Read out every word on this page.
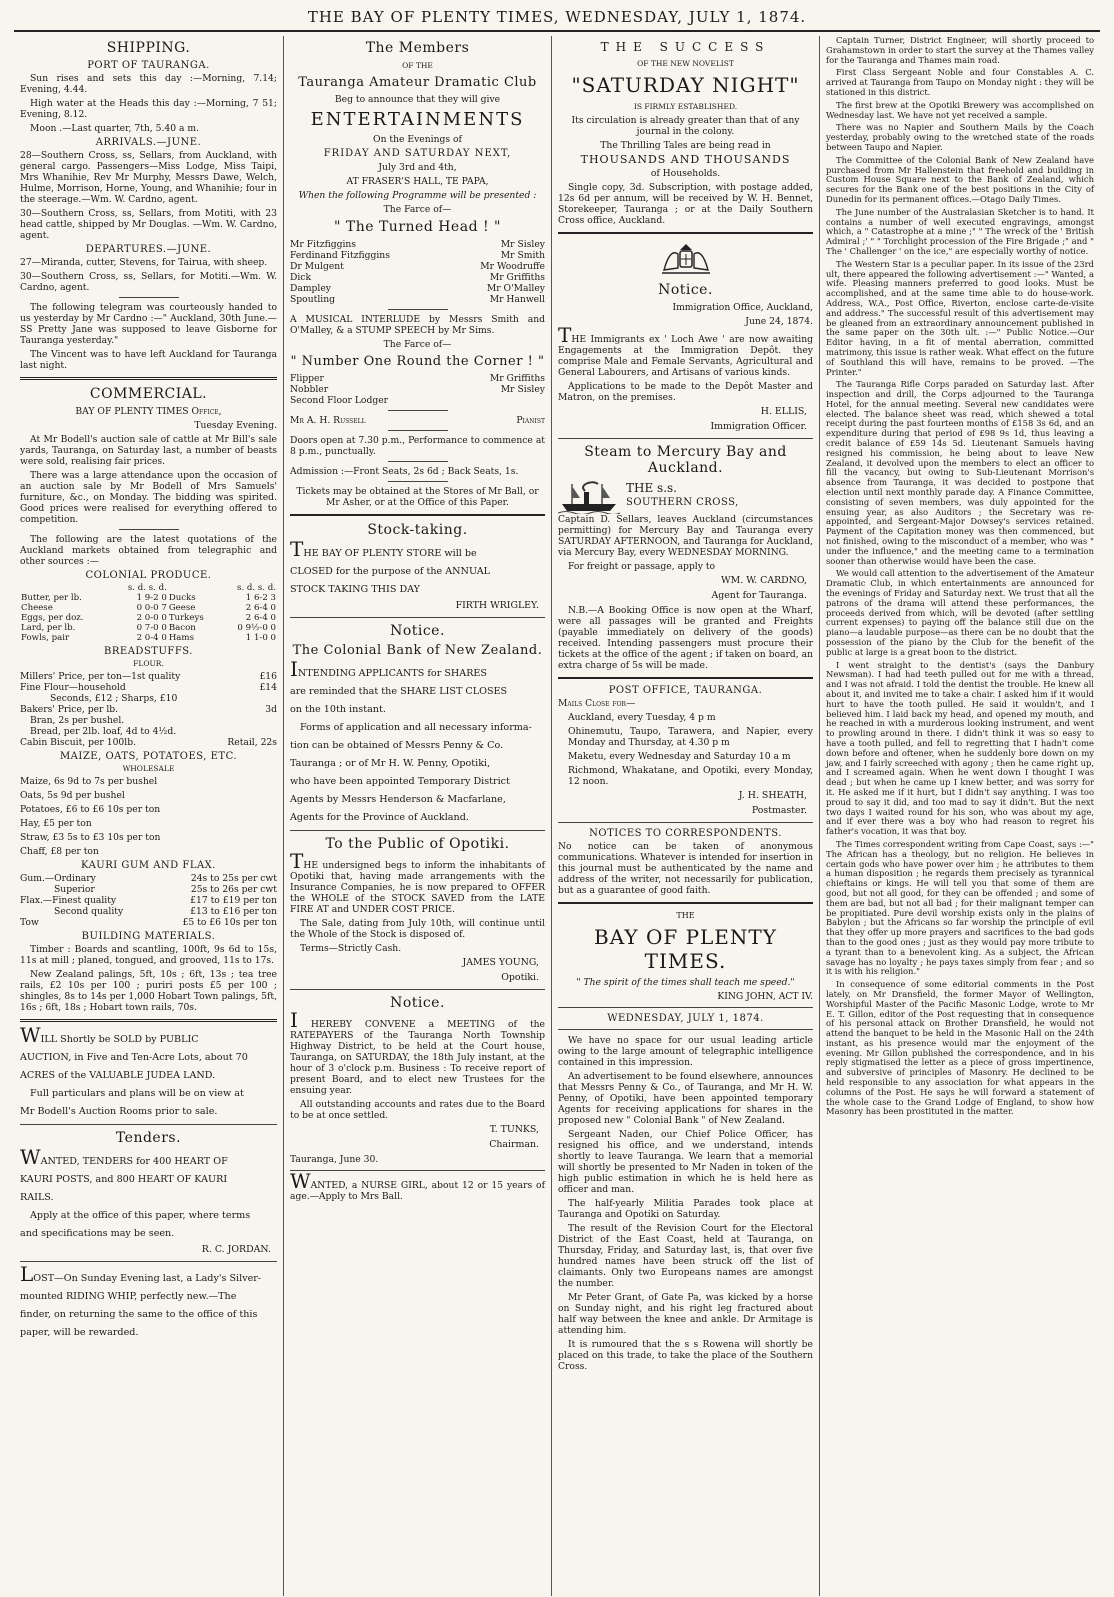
THE BAY OF PLENTY TIMES, WEDNESDAY, JULY 1, 1874.
SHIPPING.
PORT OF TAURANGA.

Sun rises and sets this day :—Morning, 7.14; Evening, 4.44.

High water at the Heads this day :—Morning, 7 51; Evening, 8.12.

Moon .—Last quarter, 7th, 5.40 a m.

ARRIVALS.—JUNE.

28—Southern Cross, ss, Sellars, from Auckland, with general cargo. Passengers—Miss Lodge, Miss Taipi, Mrs Whanihie, Rev Mr Murphy, Messrs Dawe, Welch, Hulme, Morrison, Horne, Young, and Whanihie; four in the steerage.—Wm. W. Cardno, agent.

30—Southern Cross, ss, Sellars, from Motiti, with 23 head cattle, shipped by Mr Douglas. —Wm. W. Cardno, agent.

DEPARTURES.—JUNE.

27—Miranda, cutter, Stevens, for Tairua, with sheep.

30—Southern Cross, ss, Sellars, for Motiti.—Wm. W. Cardno, agent.

The following telegram was courteously handed to us yesterday by Mr Cardno :—" Auckland, 30th June.—SS Pretty Jane was supposed to leave Gisborne for Tauranga yesterday."

The Vincent was to have left Auckland for Tauranga last night.

COMMERCIAL.

BAY OF PLENTY TIMES Office,

Tuesday Evening.

At Mr Bodell's auction sale of cattle at Mr Bill's sale yards, Tauranga, on Saturday last, a number of beasts were sold, realising fair prices.

There was a large attendance upon the occasion of an auction sale by Mr Bodell of Mrs Samuels' furniture, &c., on Monday. The bidding was spirited. Good prices were realised for everything offered to competition.

The following are the latest quotations of the Auckland markets obtained from telegraphic and other sources :—

COLONIAL PRODUCE.
	s. d. s. d.		s. d. s. d.
Butter, per lb.	1 9-2 0	Ducks	1 6-2 3
Cheese	0 0-0 7	Geese	2 6-4 0
Eggs, per doz.	2 0-0 0	Turkeys	2 6-4 0
Lard, per lb.	0 7-0 0	Bacon	0 9½-0 0
Fowls, pair	2 0-4 0	Hams	1 1-0 0
BREADSTUFFS.

FLOUR.

Millers' Price, per ton—1st quality	£16
Fine Flour—household	£14
Seconds, £12 ; Sharps, £10
Bakers' Price, per lb.	3d
Bran, 2s per bushel.
Bread, per 2lb. loaf, 4d to 4½d.
Cabin Biscuit, per 100lb.	Retail, 22s
MAIZE, OATS, POTATOES, ETC.

WHOLESALE

Maize, 6s 9d to 7s per bushel

Oats, 5s 9d per bushel

Potatoes, £6 to £6 10s per ton

Hay, £5 per ton

Straw, £3 5s to £3 10s per ton

Chaff, £8 per ton

KAURI GUM AND FLAX.
Gum.—Ordinary	24s to 25s per cwt
Superior	25s to 26s per cwt
Flax.—Finest quality	£17 to £19 per ton
Second quality	£13 to £16 per ton
Tow	£5 to £6 10s per ton
BUILDING MATERIALS.

Timber : Boards and scantling, 100ft, 9s 6d to 15s, 11s at mill ; planed, tongued, and grooved, 11s to 17s.

New Zealand palings, 5ft, 10s ; 6ft, 13s ; tea tree rails, £2 10s per 100 ; puriri posts £5 per 100 ; shingles, 8s to 14s per 1,000 Hobart Town palings, 5ft, 16s ; 6ft, 18s ; Hobart town rails, 70s.

WILL Shortly be SOLD by PUBLIC

AUCTION, in Five and Ten-Acre Lots, about 70

ACRES of the VALUABLE JUDEA LAND.

Full particulars and plans will be on view at

Mr Bodell's Auction Rooms prior to sale.

Tenders.

WANTED, TENDERS for 400 HEART OF

KAURI POSTS, and 800 HEART OF KAURI

RAILS.

Apply at the office of this paper, where terms

and specifications may be seen.

R. C. JORDAN.

LOST—On Sunday Evening last, a Lady's Silver-

mounted RIDING WHIP, perfectly new.—The

finder, on returning the same to the office of this

paper, will be rewarded.

The Members

OF THE

Tauranga Amateur Dramatic Club

Beg to announce that they will give

ENTERTAINMENTS

On the Evenings of

FRIDAY AND SATURDAY NEXT,

July 3rd and 4th,

AT FRASER'S HALL, TE PAPA,

When the following Programme will be presented :

The Farce of—

" The Turned Head ! "
Mr Fitzfiggins	Mr Sisley
Ferdinand Fitzfiggins	Mr Smith
Dr Mulgent	Mr Woodruffe
Dick	Mr Griffiths
Dampley	Mr O'Malley
Spoutling	Mr Hanwell

A MUSICAL INTERLUDE by Messrs Smith and O'Malley, & a STUMP SPEECH by Mr Sims.

The Farce of—

" Number One Round the Corner ! "
Flipper	Mr Griffiths
Nobbler	Mr Sisley
Second Floor Lodger
Mr A. H. Russell	Pianist

Doors open at 7.30 p.m., Performance to commence at 8 p.m., punctually.

Admission :—Front Seats, 2s 6d ; Back Seats, 1s.

Tickets may be obtained at the Stores of Mr Ball, or Mr Asher, or at the Office of this Paper.

Stock-taking.

THE BAY OF PLENTY STORE will be

CLOSED for the purpose of the ANNUAL

STOCK TAKING THIS DAY

FIRTH WRIGLEY.
Notice.
The Colonial Bank of New Zealand.

INTENDING APPLICANTS for SHARES

are reminded that the SHARE LIST CLOSES

on the 10th instant.

Forms of application and all necessary informa-

tion can be obtained of Messrs Penny & Co.

Tauranga ; or of Mr H. W. Penny, Opotiki,

who have been appointed Temporary District

Agents by Messrs Henderson & Macfarlane,

Agents for the Province of Auckland.

To the Public of Opotiki.

THE undersigned begs to inform the inhabitants of Opotiki that, having made arrangements with the Insurance Companies, he is now prepared to OFFER the WHOLE of the STOCK SAVED from the LATE FIRE AT and UNDER COST PRICE.

The Sale, dating from July 10th, will continue until the Whole of the Stock is disposed of.

Terms—Strictly Cash.

JAMES YOUNG,
Opotiki.
Notice.

I HEREBY CONVENE a MEETING of the RATEPAYERS of the Tauranga North Township Highway District, to be held at the Court house, Tauranga, on SATURDAY, the 18th July instant, at the hour of 3 o'clock p.m. Business : To receive report of present Board, and to elect new Trustees for the ensuing year.

All outstanding accounts and rates due to the Board to be at once settled.

T. TUNKS,
Chairman.

Tauranga, June 30.

WANTED, a NURSE GIRL, about 12 or 15 years of age.—Apply to Mrs Ball.

THE SUCCESS

OF THE NEW NOVELIST

"SATURDAY NIGHT"

IS FIRMLY ESTABLISHED.

Its circulation is already greater than that of any journal in the colony.

The Thrilling Tales are being read in

THOUSANDS AND THOUSANDS

of Households.

Single copy, 3d. Subscription, with postage added, 12s 6d per annum, will be received by W. H. Bennet, Storekeeper, Tauranga ; or at the Daily Southern Cross office, Auckland.

Notice.

Immigration Office, Auckland,

June 24, 1874.

THE Immigrants ex ' Loch Awe ' are now awaiting Engagements at the Immigration Depôt. they comprise Male and Female Servants, Agricultural and General Labourers, and Artisans of various kinds.

Applications to be made to the Depôt Master and Matron, on the premises.

H. ELLIS,
Immigration Officer.
Steam to Mercury Bay and Auckland.

THE s.s.

SOUTHERN CROSS,

Captain D. Sellars, leaves Auckland (circumstances permitting) for Mercury Bay and Tauranga every SATURDAY AFTERNOON, and Tauranga for Auckland, via Mercury Bay, every WEDNESDAY MORNING.

For freight or passage, apply to

WM. W. CARDNO,
Agent for Tauranga.

N.B.—A Booking Office is now open at the Wharf, were all passages will be granted and Freights (payable immediately on delivery of the goods) received. Intending passengers must procure their tickets at the office of the agent ; if taken on board, an extra charge of 5s will be made.

POST OFFICE, TAURANGA.

Mails Close for—

Auckland, every Tuesday, 4 p m

Ohinemutu, Taupo, Tarawera, and Napier, every Monday and Thursday, at 4.30 p m

Maketu, every Wednesday and Saturday 10 a m

Richmond, Whakatane, and Opotiki, every Monday, 12 noon.

J. H. SHEATH,
Postmaster.
NOTICES TO CORRESPONDENTS.

No notice can be taken of anonymous communications. Whatever is intended for insertion in this journal must be authenticated by the name and address of the writer, not necessarily for publication, but as a guarantee of good faith.

THE

BAY OF PLENTY TIMES.

" The spirit of the times shall teach me speed."

KING JOHN, ACT IV.

WEDNESDAY, JULY 1, 1874.

We have no space for our usual leading article owing to the large amount of telegraphic intelligence contained in this impression.

An advertisement to be found elsewhere, announces that Messrs Penny & Co., of Tauranga, and Mr H. W. Penny, of Opotiki, have been appointed temporary Agents for receiving applications for shares in the proposed new " Colonial Bank " of New Zealand.

Sergeant Naden, our Chief Police Officer, has resigned his office, and we understand, intends shortly to leave Tauranga. We learn that a memorial will shortly be presented to Mr Naden in token of the high public estimation in which he is held here as officer and man.

The half-yearly Militia Parades took place at Tauranga and Opotiki on Saturday.

The result of the Revision Court for the Electoral District of the East Coast, held at Tauranga, on Thursday, Friday, and Saturday last, is, that over five hundred names have been struck off the list of claimants. Only two Europeans names are amongst the number.

Mr Peter Grant, of Gate Pa, was kicked by a horse on Sunday night, and his right leg fractured about half way between the knee and ankle. Dr Armitage is attending him.

It is rumoured that the s s Rowena will shortly be placed on this trade, to take the place of the Southern Cross.

Captain Turner, District Engineer, will shortly proceed to Grahamstown in order to start the survey at the Thames valley for the Tauranga and Thames main road.

First Class Sergeant Noble and four Constables A. C. arrived at Tauranga from Taupo on Monday night : they will be stationed in this district.

The first brew at the Opotiki Brewery was accomplished on Wednesday last. We have not yet received a sample.

There was no Napier and Southern Mails by the Coach yesterday, probably owing to the wretched state of the roads between Taupo and Napier.

The Committee of the Colonial Bank of New Zealand have purchased from Mr Hallenstein that freehold and building in Custom House Square next to the Bank of Zealand, which secures for the Bank one of the best positions in the City of Dunedin for its permanent offices.—Otago Daily Times.

The June number of the Australasian Sketcher is to hand. It contains a number of well executed engravings, amongst which, a " Catastrophe at a mine ;" " The wreck of the ' British Admiral ;' " " Torchlight procession of the Fire Brigade ;" and " The ' Challenger ' on the ice," are especially worthy of notice.

The Western Star is a peculiar paper. In its issue of the 23rd ult, there appeared the following advertisement :—" Wanted, a wife. Pleasing manners preferred to good looks. Must be accomplished, and at the same time able to do house-work. Address, W.A., Post Office, Riverton, enclose carte-de-visite and address." The successful result of this advertisement may be gleaned from an extraordinary announcement published in the same paper on the 30th ult. :—" Public Notice.—Our Editor having, in a fit of mental aberration, committed matrimony, this issue is rather weak. What effect on the future of Southland this will have, remains to be proved. —The Printer."

The Tauranga Rifle Corps paraded on Saturday last. After inspection and drill, the Corps adjourned to the Tauranga Hotel, for the annual meeting. Several new candidates were elected. The balance sheet was read, which shewed a total receipt during the past fourteen months of £158 3s 6d, and an expenditure during that period of £98 9s 1d, thus leaving a credit balance of £59 14s 5d. Lieutenant Samuels having resigned his commission, he being about to leave New Zealand, it devolved upon the members to elect an officer to fill the vacancy, but owing to Sub-Lieutenant Morrison's absence from Tauranga, it was decided to postpone that election until next monthly parade day. A Finance Committee, consisting of seven members, was duly appointed for the ensuing year, as also Auditors ; the Secretary was re-appointed, and Sergeant-Major Dowsey's services retained. Payment of the Capitation money was then commenced, but not finished, owing to the misconduct of a member, who was " under the influence," and the meeting came to a termination sooner than otherwise would have been the case.

We would call attention to the advertisement of the Amateur Dramatic Club, in which entertainments are announced for the evenings of Friday and Saturday next. We trust that all the patrons of the drama will attend these performances, the proceeds derived from which, will be devoted (after settling current expenses) to paying off the balance still due on the piano—a laudable purpose—as there can be no doubt that the possession of the piano by the Club for the benefit of the public at large is a great boon to the district.

I went straight to the dentist's (says the Danbury Newsman). I had had teeth pulled out for me with a thread, and I was not afraid. I told the dentist the trouble. He knew all about it, and invited me to take a chair. I asked him if it would hurt to have the tooth pulled. He said it wouldn't, and I believed him. I laid back my head, and opened my mouth, and he reached in with a murderous looking instrument, and went to prowling around in there. I didn't think it was so easy to have a tooth pulled, and fell to regretting that I hadn't come down before and oftener, when he suddenly bore down on my jaw, and I fairly screeched with agony ; then he came right up, and I screamed again. When he went down I thought I was dead ; but when he came up I knew better, and was sorry for it. He asked me if it hurt, but I didn't say anything. I was too proud to say it did, and too mad to say it didn't. But the next two days I waited round for his son, who was about my age, and if ever there was a boy who had reason to regret his father's vocation, it was that boy.

The Times correspondent writing from Cape Coast, says :—" The African has a theology, but no religion. He believes in certain gods who have power over him ; he attributes to them a human disposition ; he regards them precisely as tyrannical chieftains or kings. He will tell you that some of them are good, but not all good, for they can be offended ; and some of them are bad, but not all bad ; for their malignant temper can be propitiated. Pure devil worship exists only in the plains of Babylon ; but the Africans so far worship the principle of evil that they offer up more prayers and sacrifices to the bad gods than to the good ones ; just as they would pay more tribute to a tyrant than to a benevolent king. As a subject, the African savage has no loyalty ; he pays taxes simply from fear ; and so it is with his religion."

In consequence of some editorial comments in the Post lately, on Mr Dransfield, the former Mayor of Wellington, Worshipful Master of the Pacific Masonic Lodge, wrote to Mr E. T. Gillon, editor of the Post requesting that in consequence of his personal attack on Brother Dransfield, he would not attend the banquet to be held in the Masonic Hall on the 24th instant, as his presence would mar the enjoyment of the evening. Mr Gillon published the correspondence, and in his reply stigmatised the letter as a piece of gross impertinence, and subversive of principles of Masonry. He declined to be held responsible to any association for what appears in the columns of the Post. He says he will forward a statement of the whole case to the Grand Lodge of England, to show how Masonry has been prostituted in the matter.
